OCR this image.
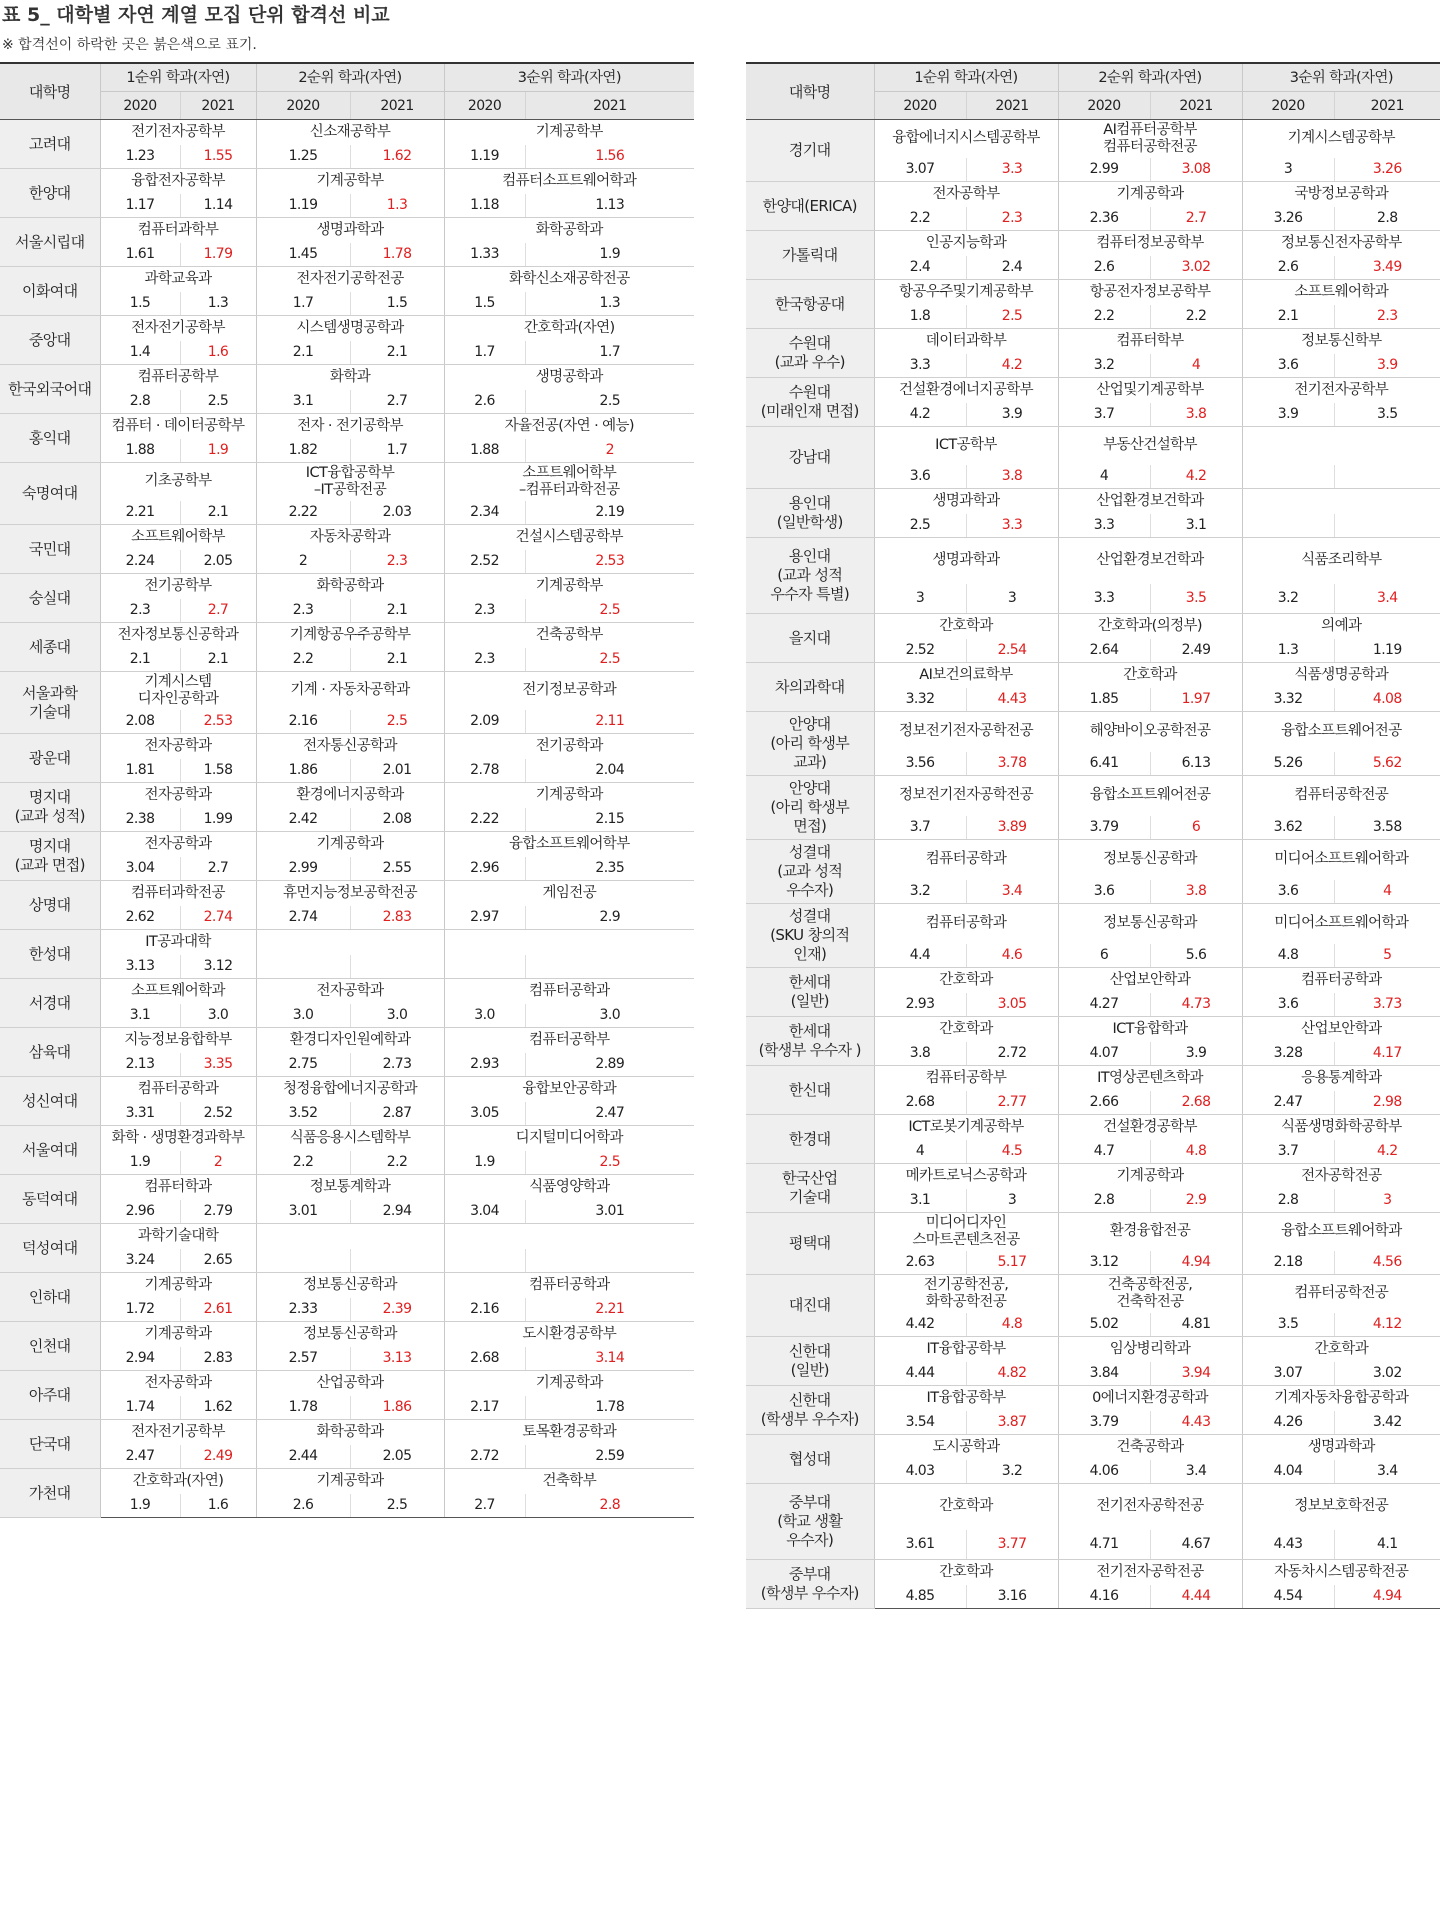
표 5_ 대학별 자연 계열 모집 단위 합격선 비교
※ 합격선이 하락한 곳은 붉은색으로 표기.
대학명	1순위 학과(자연)		2순위 학과(자연)		3순위 학과(자연)	
	2020	2021	2020	2021	2020	2021
고려대	전기전자공학부		신소재공학부		기계공학부	
	1.23	1.55	1.25	1.62	1.19	1.56
한양대	융합전자공학부		기계공학부		컴퓨터소프트웨어학과	
	1.17	1.14	1.19	1.3	1.18	1.13
서울시립대	컴퓨터과학부		생명과학과		화학공학과	
	1.61	1.79	1.45	1.78	1.33	1.9
이화여대	과학교육과		전자전기공학전공		화학신소재공학전공	
	1.5	1.3	1.7	1.5	1.5	1.3
중앙대	전자전기공학부		시스템생명공학과		간호학과(자연)	
	1.4	1.6	2.1	2.1	1.7	1.7
한국외국어대	컴퓨터공학부		화학과		생명공학과	
	2.8	2.5	3.1	2.7	2.6	2.5
홍익대	컴퓨터 · 데이터공학부		전자 · 전기공학부		자율전공(자연 · 예능)	
	1.88	1.9	1.82	1.7	1.88	2
숙명여대	기초공학부		ICT융합공학부
–IT공학전공		소프트웨어학부
–컴퓨터과학전공	
	2.21	2.1	2.22	2.03	2.34	2.19
국민대	소프트웨어학부		자동차공학과		건설시스템공학부	
	2.24	2.05	2	2.3	2.52	2.53
숭실대	전기공학부		화학공학과		기계공학부	
	2.3	2.7	2.3	2.1	2.3	2.5
세종대	전자정보통신공학과		기계항공우주공학부		건축공학부	
	2.1	2.1	2.2	2.1	2.3	2.5
서울과학
기술대	기계시스템
디자인공학과		기계 · 자동차공학과		전기정보공학과	
	2.08	2.53	2.16	2.5	2.09	2.11
광운대	전자공학과		전자통신공학과		전기공학과	
	1.81	1.58	1.86	2.01	2.78	2.04
명지대
(교과 성적)	전자공학과		환경에너지공학과		기계공학과	
	2.38	1.99	2.42	2.08	2.22	2.15
명지대
(교과 면접)	전자공학과		기계공학과		융합소프트웨어학부	
	3.04	2.7	2.99	2.55	2.96	2.35
상명대	컴퓨터과학전공		휴먼지능정보공학전공		게임전공	
	2.62	2.74	2.74	2.83	2.97	2.9
한성대	IT공과대학					
	3.13	3.12				
서경대	소프트웨어학과		전자공학과		컴퓨터공학과	
	3.1	3.0	3.0	3.0	3.0	3.0
삼육대	지능정보융합학부		환경디자인원예학과		컴퓨터공학부	
	2.13	3.35	2.75	2.73	2.93	2.89
성신여대	컴퓨터공학과		청정융합에너지공학과		융합보안공학과	
	3.31	2.52	3.52	2.87	3.05	2.47
서울여대	화학 · 생명환경과학부		식품응용시스템학부		디지털미디어학과	
	1.9	2	2.2	2.2	1.9	2.5
동덕여대	컴퓨터학과		정보통계학과		식품영양학과	
	2.96	2.79	3.01	2.94	3.04	3.01
덕성여대	과학기술대학					
	3.24	2.65				
인하대	기계공학과		정보통신공학과		컴퓨터공학과	
	1.72	2.61	2.33	2.39	2.16	2.21
인천대	기계공학과		정보통신공학과		도시환경공학부	
	2.94	2.83	2.57	3.13	2.68	3.14
아주대	전자공학과		산업공학과		기계공학과	
	1.74	1.62	1.78	1.86	2.17	1.78
단국대	전자전기공학부		화학공학과		토목환경공학과	
	2.47	2.49	2.44	2.05	2.72	2.59
가천대	간호학과(자연)		기계공학과		건축학부	
	1.9	1.6	2.6	2.5	2.7	2.8
대학명	1순위 학과(자연)		2순위 학과(자연)		3순위 학과(자연)	
	2020	2021	2020	2021	2020	2021
경기대	융합에너지시스템공학부		AI컴퓨터공학부
컴퓨터공학전공		기계시스템공학부	
	3.07	3.3	2.99	3.08	3	3.26
한양대(ERICA)	전자공학부		기계공학과		국방정보공학과	
	2.2	2.3	2.36	2.7	3.26	2.8
가톨릭대	인공지능학과		컴퓨터정보공학부		정보통신전자공학부	
	2.4	2.4	2.6	3.02	2.6	3.49
한국항공대	항공우주및기계공학부		항공전자정보공학부		소프트웨어학과	
	1.8	2.5	2.2	2.2	2.1	2.3
수원대
(교과 우수)	데이터과학부		컴퓨터학부		정보통신학부	
	3.3	4.2	3.2	4	3.6	3.9
수원대
(미래인재 면접)	건설환경에너지공학부		산업및기계공학부		전기전자공학부	
	4.2	3.9	3.7	3.8	3.9	3.5
강남대	ICT공학부		부동산건설학부			
	3.6	3.8	4	4.2		
용인대
(일반학생)	생명과학과		산업환경보건학과			
	2.5	3.3	3.3	3.1		
용인대
(교과 성적
우수자 특별)	생명과학과		산업환경보건학과		식품조리학부	
	3	3	3.3	3.5	3.2	3.4
을지대	간호학과		간호학과(의정부)		의예과	
	2.52	2.54	2.64	2.49	1.3	1.19
차의과학대	AI보건의료학부		간호학과		식품생명공학과	
	3.32	4.43	1.85	1.97	3.32	4.08
안양대
(아리 학생부
교과)	정보전기전자공학전공		해양바이오공학전공		융합소프트웨어전공	
	3.56	3.78	6.41	6.13	5.26	5.62
안양대
(아리 학생부
면접)	정보전기전자공학전공		융합소프트웨어전공		컴퓨터공학전공	
	3.7	3.89	3.79	6	3.62	3.58
성결대
(교과 성적
우수자)	컴퓨터공학과		정보통신공학과		미디어소프트웨어학과	
	3.2	3.4	3.6	3.8	3.6	4
성결대
(SKU 창의적
인재)	컴퓨터공학과		정보통신공학과		미디어소프트웨어학과	
	4.4	4.6	6	5.6	4.8	5
한세대
(일반)	간호학과		산업보안학과		컴퓨터공학과	
	2.93	3.05	4.27	4.73	3.6	3.73
한세대
(학생부 우수자 )	간호학과		ICT융합학과		산업보안학과	
	3.8	2.72	4.07	3.9	3.28	4.17
한신대	컴퓨터공학부		IT영상콘텐츠학과		응용통계학과	
	2.68	2.77	2.66	2.68	2.47	2.98
한경대	ICT로봇기계공학부		건설환경공학부		식품생명화학공학부	
	4	4.5	4.7	4.8	3.7	4.2
한국산업
기술대	메카트로닉스공학과		기계공학과		전자공학전공	
	3.1	3	2.8	2.9	2.8	3
평택대	미디어디자인
스마트콘텐츠전공		환경융합전공		융합소프트웨어학과	
	2.63	5.17	3.12	4.94	2.18	4.56
대진대	전기공학전공,
화학공학전공		건축공학전공,
건축학전공		컴퓨터공학전공	
	4.42	4.8	5.02	4.81	3.5	4.12
신한대
(일반)	IT융합공학부		임상병리학과		간호학과	
	4.44	4.82	3.84	3.94	3.07	3.02
신한대
(학생부 우수자)	IT융합공학부		0에너지환경공학과		기계자동차융합공학과	
	3.54	3.87	3.79	4.43	4.26	3.42
협성대	도시공학과		건축공학과		생명과학과	
	4.03	3.2	4.06	3.4	4.04	3.4
중부대
(학교 생활
우수자)	간호학과		전기전자공학전공		정보보호학전공	
	3.61	3.77	4.71	4.67	4.43	4.1
중부대
(학생부 우수자)	간호학과		전기전자공학전공		자동차시스템공학전공	
	4.85	3.16	4.16	4.44	4.54	4.94
